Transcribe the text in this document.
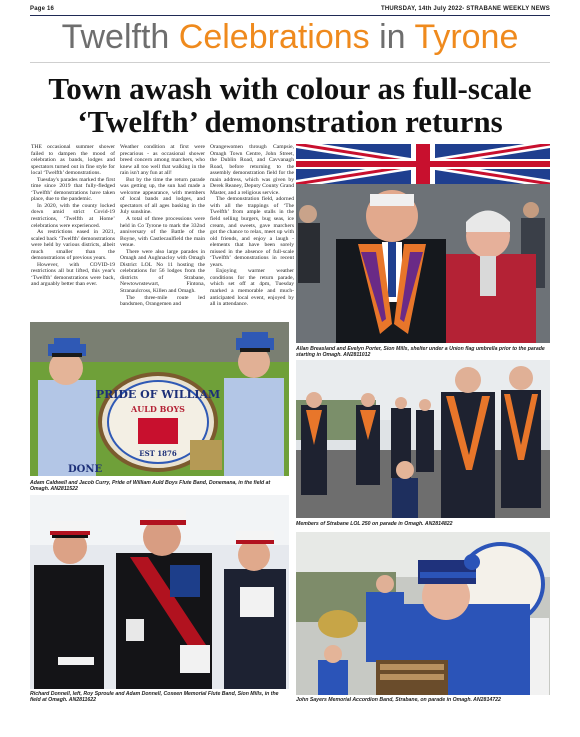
Page 16	THURSDAY, 14th July 2022- STRABANE WEEKLY NEWS
Twelfth Celebrations in Tyrone
Town awash with colour as full-scale
‘Twelfth’ demonstration returns

THE occasional summer shower failed to dampen the mood of celebration as bands, lodges and spectators turned out in fine style for local ‘Twelfth’ demonstrations.

Tuesday's parades marked the first time since 2019 that fully-fledged ‘Twelfth’ demonstrations have taken place, due to the pandemic.

In 2020, with the county locked down amid strict Covid-19 restrictions, ‘Twelfth at Home’ celebrations were experienced.

As restrictions eased in 2021, scaled back ‘Twelfth’ demonstrations were held by various districts, albeit much smaller than the demonstrations of previous years.

However, with COVID-19 restrictions all but lifted, this year's ‘Twelfth’ demonstrations were back, and arguably better than ever.

Weather condition at first were precarious - as occasional shower breed concern among marchers, who knew all too well that walking in the rain isn't any fun at all!

But by the time the return parade was getting up, the sun had made a welcome appearance, with members of local bands and lodges, and spectators of all ages basking in the July sunshine.

A total of three processions were held in Co Tyrone to mark the 332nd anniversary of the Battle of the Boyne, with Castlecaulfield the main venue.

There were also large parades in Omagh and Aughnacloy with Omagh District LOL No 11 hosting the celebrations for 56 lodges from the districts of Strabane, Newtownstewart, Fintona, Stranaulcross, Killen and Omagh.

The three-mile route led bandsmen, Orangemen and

Orangewomen through Campsie, Omagh Town Centre, John Street, the Dublin Road, and Cavvanagh Road, before returning to the assembly demonstration field for the main address, which was given by Derek Reaney, Deputy County Grand Master, and a religious service.

The demonstration field, adorned with all the trappings of ‘The Twelfth’ from ample stalls in the field selling burgers, bug seas, ice cream, and sweets, gave marchers got the chance to relax, meet up with old friends, and enjoy a laugh - elements that have been sorely missed in the absence of full-scale ‘Twelfth’ demonstrations in recent years.

Enjoying warmer weather conditions for the return parade, which set off at 4pm, Tuesday marked a memorable and much-anticipated local event, enjoyed by all in attendance.

Allan Breasland and Evelyn Porter, Sion Mills, shelter under a Union flag umbrella prior to the parade starting in Omagh. AN2811012
PRIDE OF WILLIAM
AULD BOYS
EST 1876
DONE
Adam Caldwell and Jacob Curry, Pride of William Auld Boys Flute Band, Donemana, in the field at Omagh. AN2811522
Members of Strabane LOL 250 on parade in Omagh. AN2814822
Richard Donnell, left, Roy Sproule and Adam Donnell, Coxeen Memorial Flute Band, Sion Mills, in the field at Omagh. AN2811622	John Sayers Memorial Accordion Band, Strabane, on parade in Omagh. AN2814722
